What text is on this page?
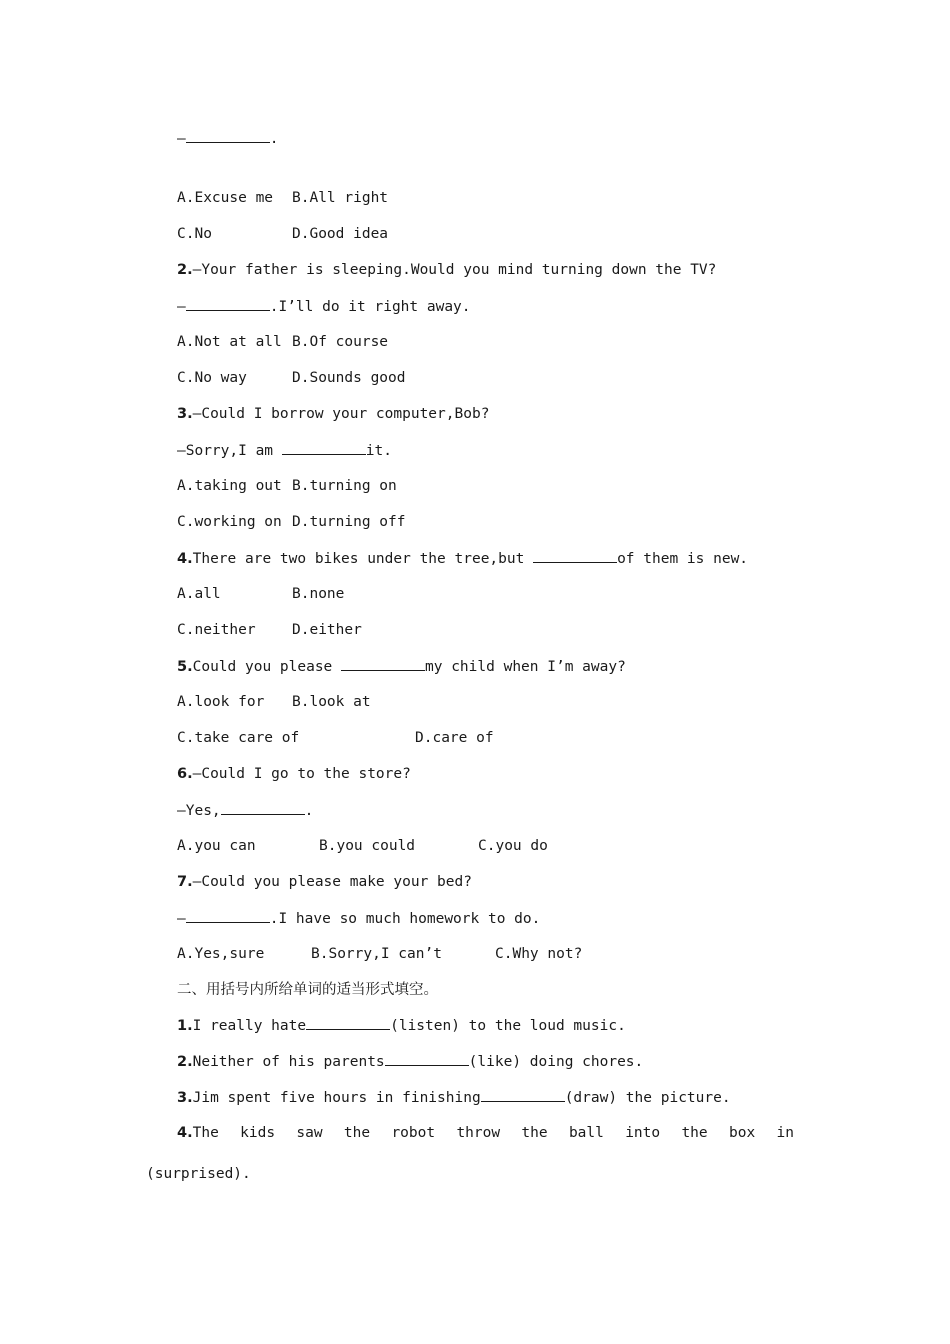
—	.
A.Excuse me B.All right
C.No	D.Good idea
2.—Your father is sleeping.Would you mind turning down the TV?
—	.I’ll do it right away.
A.Not at all B.Of course
C.No way	D.Sounds good
3.—Could I borrow your computer,Bob?
—Sorry,I am	it.
A.taking out B.turning on
C.working on D.turning off
4.There are two bikes under the tree,but	of them is new.
A.all	B.none
C.neither	D.either
5.Could you please	my child when I’m away?
A.look for B.look at
C.take care of	D.care of
6.—Could I go to the store?
—Yes,	.
A.you can	B.you could	C.you do
7.—Could you please make your bed?
—	.I have so much homework to do.
A.Yes,sure	B.Sorry,I can’t	C.Why not?
二、用括号内所给单词的适当形式填空。
1.I really hate	(listen) to the loud music.
2.Neither of his parents	(like) doing chores.
3.Jim spent five hours in finishing	(draw) the picture.
4.The kids saw the robot throw the ball into the box in
(surprised).
